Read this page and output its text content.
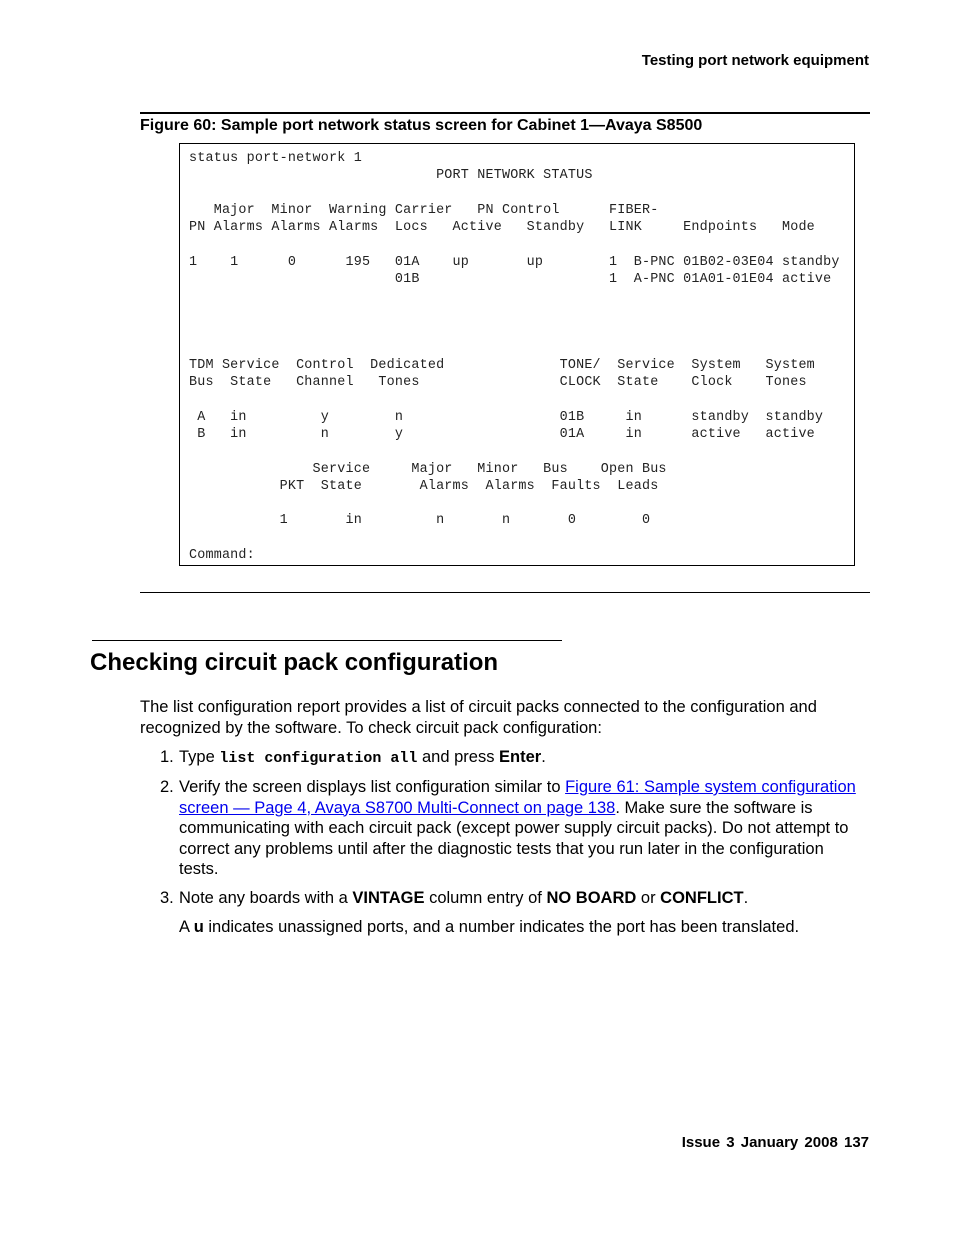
Testing port network equipment
Figure 60: Sample port network status screen for Cabinet 1—Avaya S8500
status port-network 1
PORT NETWORK STATUS
Major  Minor  Warning Carrier   PN Control      FIBER-
PN Alarms Alarms Alarms  Locs   Active   Standby   LINK     Endpoints   Mode
1    1      0      195   01A    up       up        1  B-PNC 01B02-03E04 standby
01B                       1  A-PNC 01A01-01E04 active
TDM Service  Control  Dedicated              TONE/  Service  System   System
Bus  State   Channel   Tones                 CLOCK  State    Clock    Tones
A   in         y        n                   01B     in      standby  standby
B   in         n        y                   01A     in      active   active
Service     Major   Minor   Bus    Open Bus
PKT  State       Alarms  Alarms  Faults  Leads
1       in         n       n       0        0
Command:
Checking circuit pack configuration

The list configuration report provides a list of circuit packs connected to the configuration and recognized by the software. To check circuit pack configuration:

1. Type list configuration all and press Enter.
2. Verify the screen displays list configuration similar to Figure 61: Sample system configuration screen — Page 4, Avaya S8700 Multi-Connect on page 138. Make sure the software is communicating with each circuit pack (except power supply circuit packs). Do not attempt to correct any problems until after the diagnostic tests that you run later in the configuration tests.
3. Note any boards with a VINTAGE column entry of NO BOARD or CONFLICT.
A u indicates unassigned ports, and a number indicates the port has been translated.
Issue 3 January 2008 137
